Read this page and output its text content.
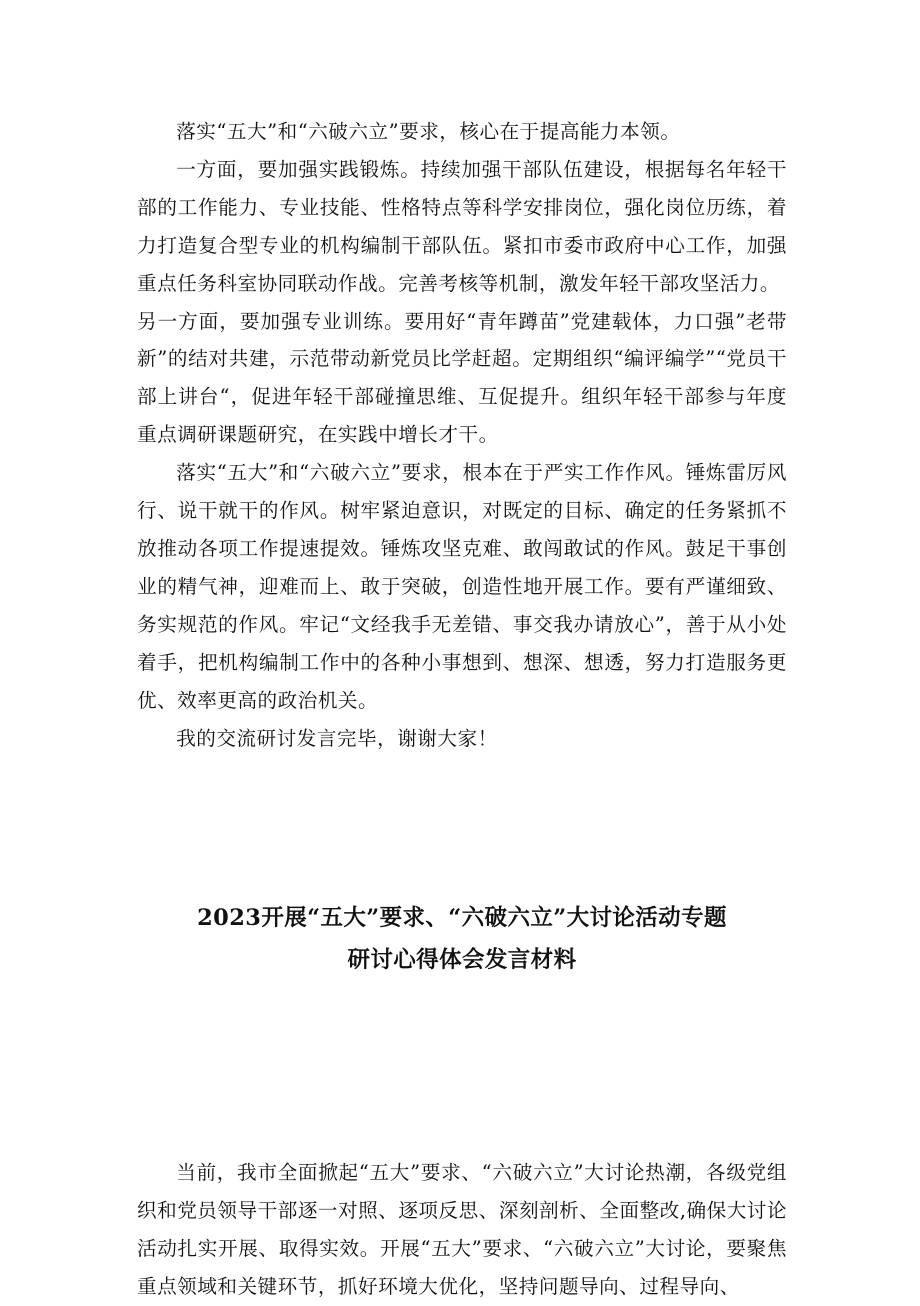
落实“五大”和“六破六立”要求，核心在于提高能力本领。

一方面，要加强实践锻炼。持续加强干部队伍建设，根据每名年轻干部的工作能力、专业技能、性格特点等科学安排岗位，强化岗位历练，着力打造复合型专业的机构编制干部队伍。紧扣市委市政府中心工作，加强重点任务科室协同联动作战。完善考核等机制，激发年轻干部攻坚活力。

另一方面，要加强专业训练。要用好“青年蹲苗”党建载体，力口强”老带新”的结对共建，示范带动新党员比学赶超。定期组织“编评编学”“党员干部上讲台“，促进年轻干部碰撞思维、互促提升。组织年轻干部参与年度重点调研课题研究，在实践中增长才干。

落实“五大”和“六破六立”要求，根本在于严实工作作风。锤炼雷厉风行、说干就干的作风。树牢紧迫意识，对既定的目标、确定的任务紧抓不放推动各项工作提速提效。锤炼攻坚克难、敢闯敢试的作风。鼓足干事创业的精气神，迎难而上、敢于突破，创造性地开展工作。要有严谨细致、务实规范的作风。牢记“文经我手无差错、事交我办请放心”，善于从小处着手，把机构编制工作中的各种小事想到、想深、想透，努力打造服务更优、效率更高的政治机关。

我的交流研讨发言完毕，谢谢大家！

2023开展“五大”要求、“六破六立”大讨论活动专题
研讨心得体会发言材料

当前，我市全面掀起“五大”要求、“六破六立”大讨论热潮，各级党组织和党员领导干部逐一对照、逐项反思、深刻剖析、全面整改,确保大讨论活动扎实开展、取得实效。开展“五大”要求、“六破六立”大讨论，要聚焦重点领域和关键环节，抓好环境大优化，坚持问题导向、过程导向、
